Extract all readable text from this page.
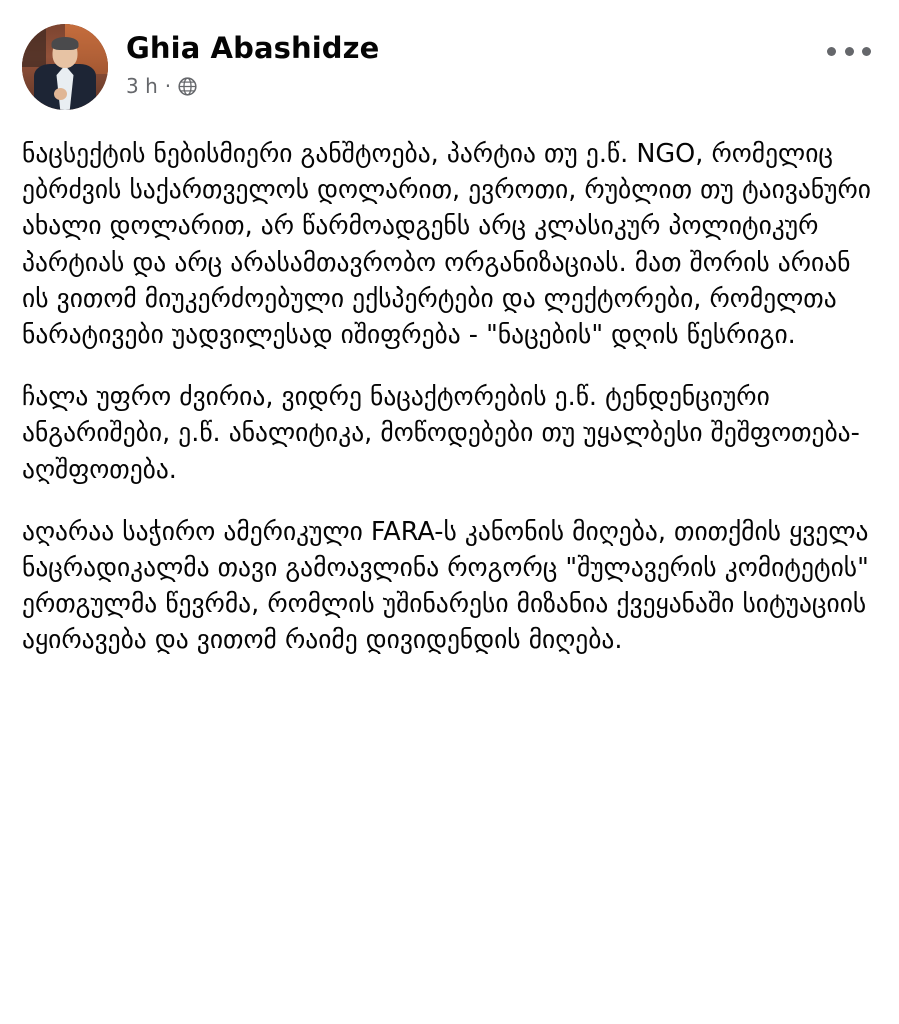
Ghia Abashidze
3 h ·

ნაცსექტის ნებისმიერი განშტოება, პარტია თუ ე.წ. NGO, რომელიც ებრძვის საქართველოს დოლარით, ევროთი, რუბლით თუ ტაივანური ახალი დოლარით, არ წარმოადგენს არც კლასიკურ პოლიტიკურ პარტიას და არც არასამთავრობო ორგანიზაციას. მათ შორის არიან ის ვითომ მიუკერძოებული ექსპერტები და ლექტორები, რომელთა ნარატივები უადვილესად იშიფრება - "ნაცების" დღის წესრიგი.

ჩალა უფრო ძვირია, ვიდრე ნაცაქტორების ე.წ. ტენდენციური ანგარიშები, ე.წ. ანალიტიკა, მოწოდებები თუ უყალბესი შეშფოთება-აღშფოთება.

აღარაა საჭირო ამერიკული FARA-ს კანონის მიღება, თითქმის ყველა ნაცრადიკალმა თავი გამოავლინა როგორც "შულავერის კომიტეტის" ერთგულმა წევრმა, რომლის უშინარესი მიზანია ქვეყანაში სიტუაციის აყირავება და ვითომ რაიმე დივიდენდის მიღება.
